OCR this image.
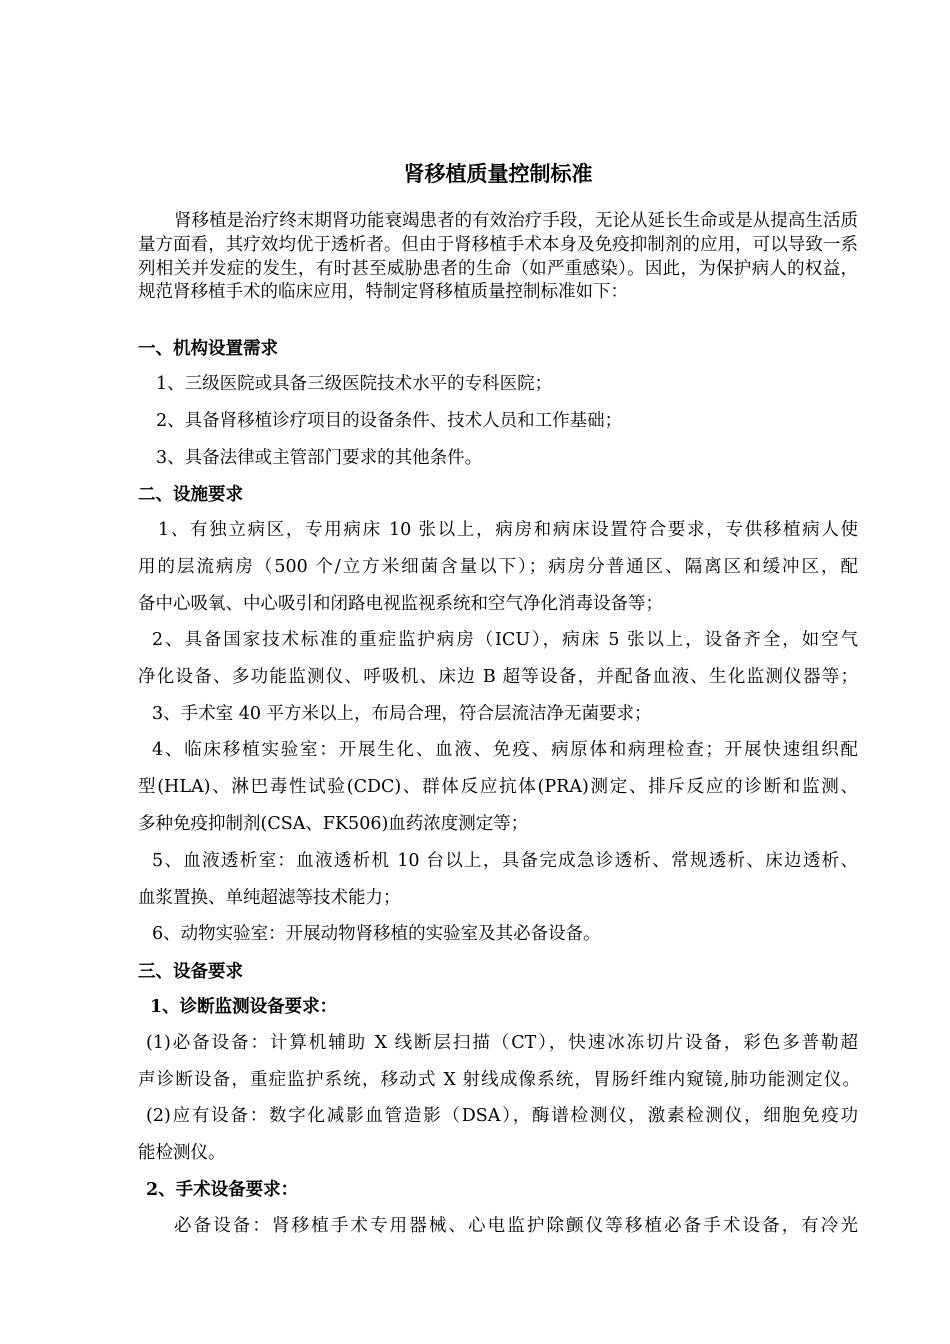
肾移植质量控制标准
肾移植是治疗终末期肾功能衰竭患者的有效治疗手段，无论从延长生命或是从提高生活质量方面看，其疗效均优于透析者。但由于肾移植手术本身及免疫抑制剂的应用，可以导致一系列相关并发症的发生，有时甚至威胁患者的生命（如严重感染）。因此，为保护病人的权益，规范肾移植手术的临床应用，特制定肾移植质量控制标准如下：
一、机构设置需求
1、三级医院或具备三级医院技术水平的专科医院；
2、具备肾移植诊疗项目的设备条件、技术人员和工作基础；
3、具备法律或主管部门要求的其他条件。
二、设施要求
1、有独立病区，专用病床 10 张以上，病房和病床设置符合要求，专供移植病人使
用的层流病房（500 个/立方米细菌含量以下）；病房分普通区、隔离区和缓冲区，配
备中心吸氧、中心吸引和闭路电视监视系统和空气净化消毒设备等；
2、具备国家技术标准的重症监护病房（ICU），病床 5 张以上，设备齐全，如空气
净化设备、多功能监测仪、呼吸机、床边 B 超等设备，并配备血液、生化监测仪器等；
3、手术室 40 平方米以上，布局合理，符合层流洁净无菌要求；
4、临床移植实验室：开展生化、血液、免疫、病原体和病理检查；开展快速组织配
型(HLA)、淋巴毒性试验(CDC)、群体反应抗体(PRA)测定、排斥反应的诊断和监测、
多种免疫抑制剂(CSA、FK506)血药浓度测定等；
5、血液透析室：血液透析机 10 台以上，具备完成急诊透析、常规透析、床边透析、
血浆置换、单纯超滤等技术能力；
6、动物实验室：开展动物肾移植的实验室及其必备设备。
三、设备要求
1、诊断监测设备要求：
(1)必备设备：计算机辅助 X 线断层扫描（CT），快速冰冻切片设备，彩色多普勒超
声诊断设备，重症监护系统，移动式 X 射线成像系统，胃肠纤维内窥镜,肺功能测定仪。
(2)应有设备：数字化减影血管造影（DSA），酶谱检测仪，激素检测仪，细胞免疫功
能检测仪。
2、手术设备要求：
必备设备：肾移植手术专用器械、心电监护除颤仪等移植必备手术设备，有冷光
